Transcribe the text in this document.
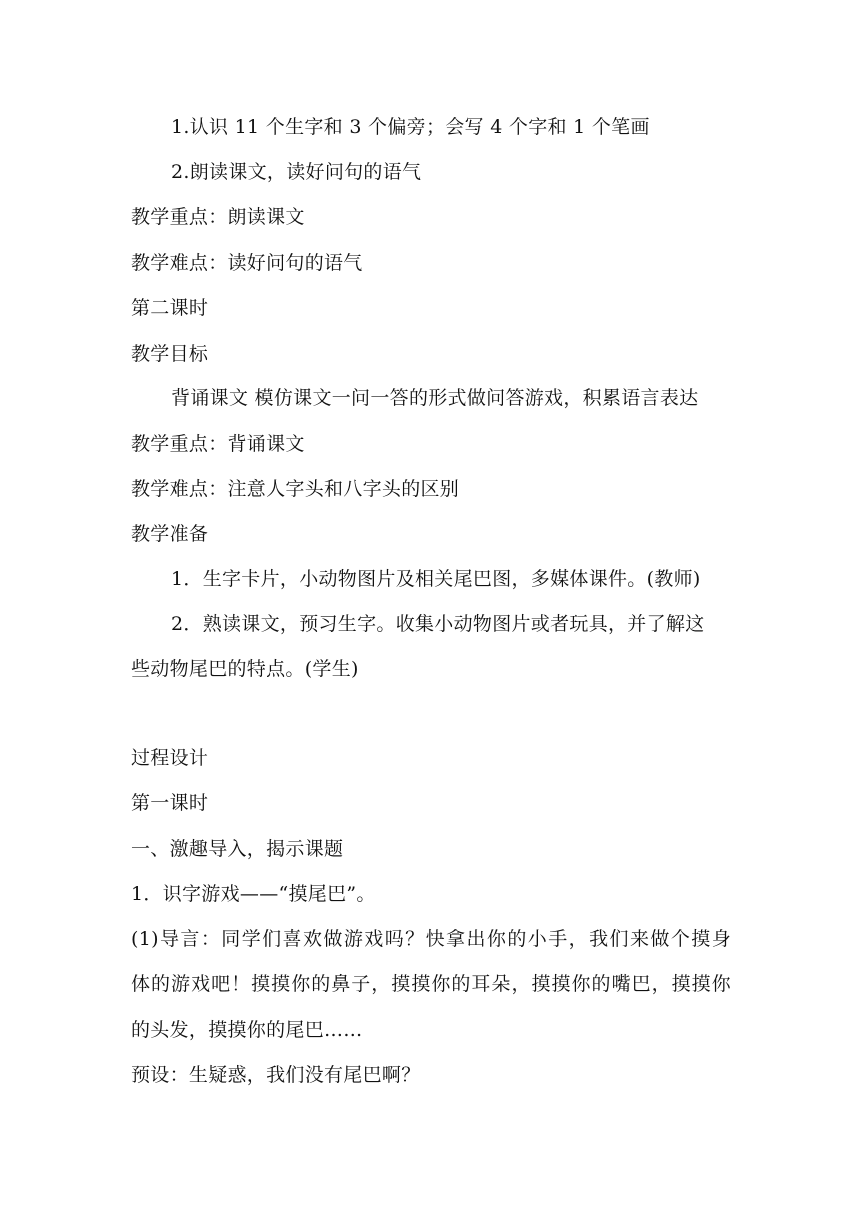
1.认识 11 个生字和 3 个偏旁；会写 4 个字和 1 个笔画
2.朗读课文，读好问句的语气
教学重点：朗读课文
教学难点：读好问句的语气
第二课时
教学目标
背诵课文 模仿课文一问一答的形式做问答游戏，积累语言表达
教学重点：背诵课文
教学难点：注意人字头和八字头的区别
教学准备
1．生字卡片，小动物图片及相关尾巴图，多媒体课件。(教师)
2．熟读课文，预习生字。收集小动物图片或者玩具，并了解这
些动物尾巴的特点。(学生)
过程设计
第一课时
一、激趣导入，揭示课题
1．识字游戏——“摸尾巴”。
(1)导言：同学们喜欢做游戏吗？快拿出你的小手，我们来做个摸身
体的游戏吧！摸摸你的鼻子，摸摸你的耳朵，摸摸你的嘴巴，摸摸你
的头发，摸摸你的尾巴……
预设：生疑惑，我们没有尾巴啊？
